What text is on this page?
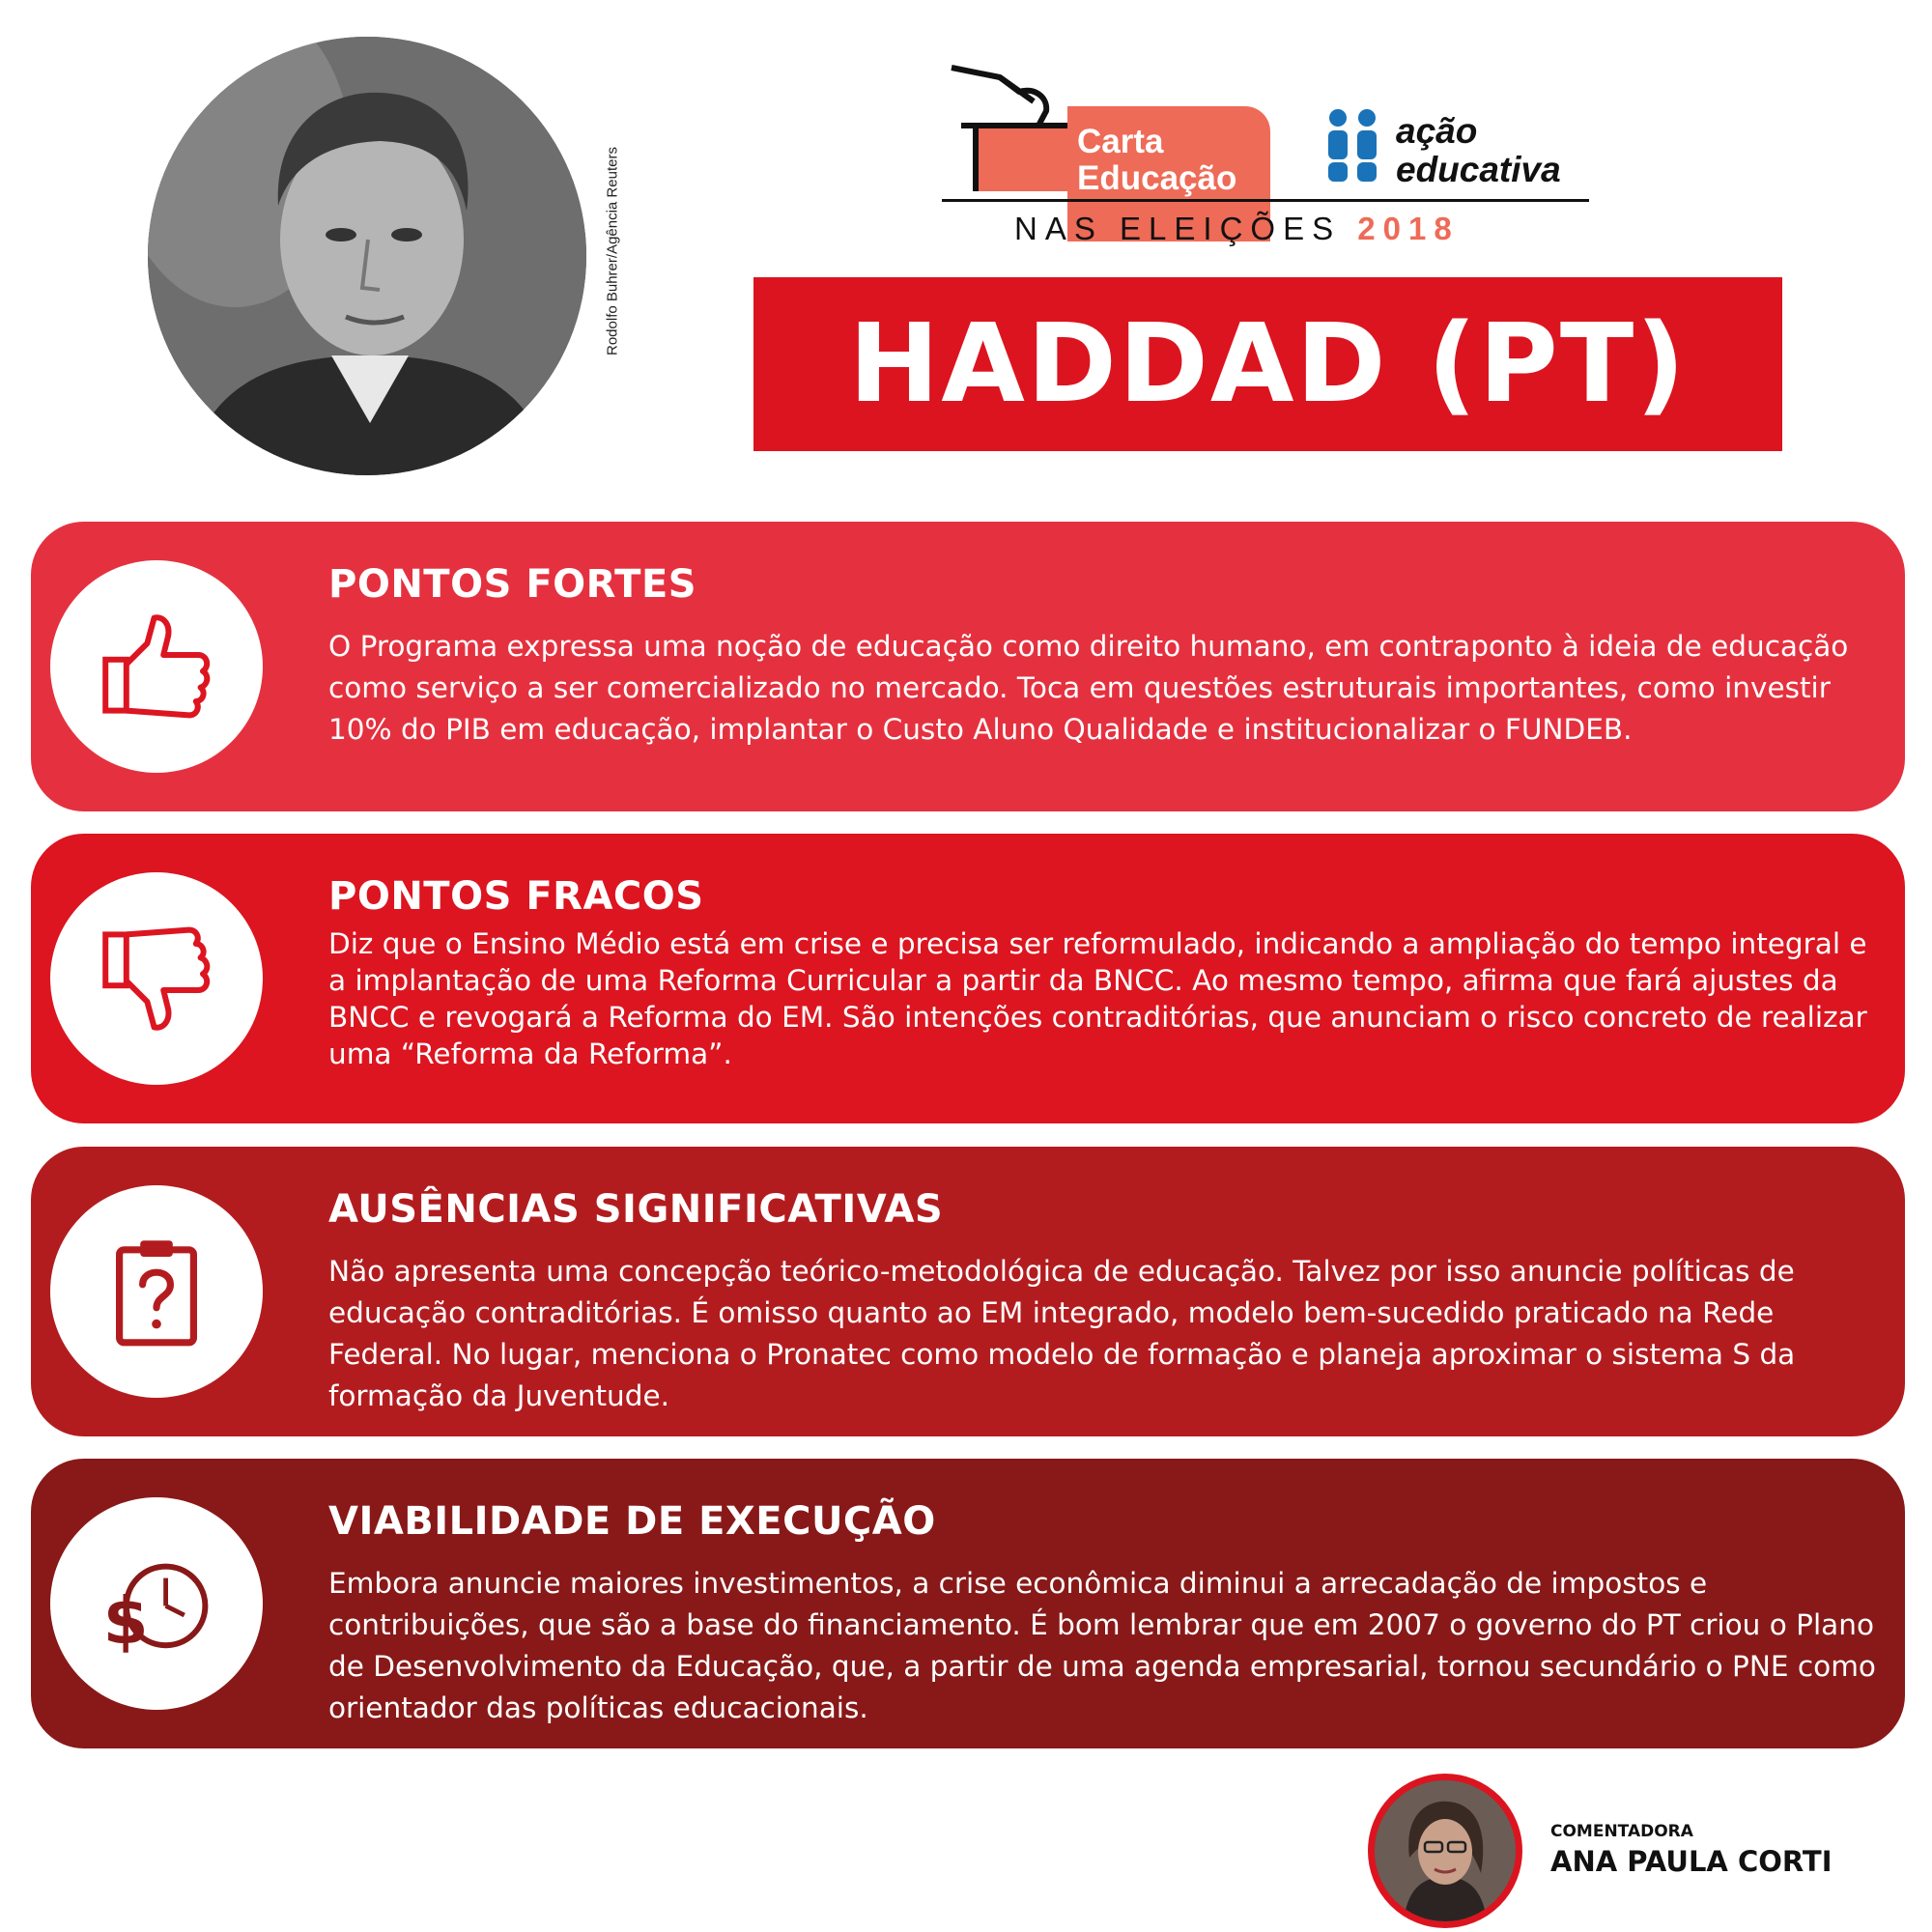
Rodolfo Buhrer/Agência Reuters
Carta
Educação
ação
educativa
NAS ELEIÇÕES 2018
HADDAD (PT)
PONTOS FORTES

O Programa expressa uma noção de educação como direito humano, em contraponto à ideia de educação como serviço a ser comercializado no mercado. Toca em questões estruturais importantes, como investir 10% do PIB em educação, implantar o Custo Aluno Qualidade e institucionalizar o FUNDEB.

PONTOS FRACOS

Diz que o Ensino Médio está em crise e precisa ser reformulado, indicando a ampliação do tempo integral e a implantação de uma Reforma Curricular a partir da BNCC. Ao mesmo tempo, afirma que fará ajustes da BNCC e revogará a Reforma do EM. São intenções contraditórias, que anunciam o risco concreto de realizar uma “Reforma da Reforma”.

AUSÊNCIAS SIGNIFICATIVAS

Não apresenta uma concepção teórico-metodológica de educação. Talvez por isso anuncie políticas de educação contraditórias. É omisso quanto ao EM integrado, modelo bem-sucedido praticado na Rede Federal. No lugar, menciona o Pronatec como modelo de formação e planeja aproximar o sistema S da formação da Juventude.

$
VIABILIDADE DE EXECUÇÃO

Embora anuncie maiores investimentos, a crise econômica diminui a arrecadação de impostos e contribuições, que são a base do financiamento. É bom lembrar que em 2007 o governo do PT criou o Plano de Desenvolvimento da Educação, que, a partir de uma agenda empresarial, tornou secundário o PNE como orientador das políticas educacionais.

COMENTADORA
ANA PAULA CORTI
